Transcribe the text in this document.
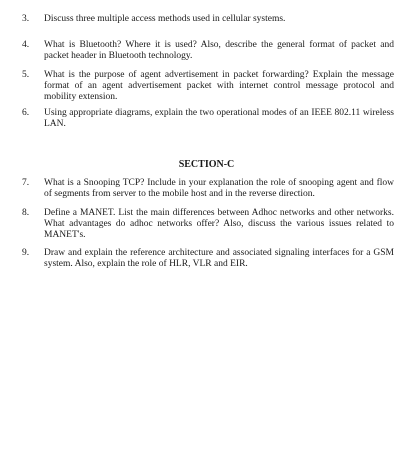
3. Discuss three multiple access methods used in cellular systems.
4. What is Bluetooth? Where it is used? Also, describe the general format of packet and packet header in Bluetooth technology.
5. What is the purpose of agent advertisement in packet forwarding? Explain the message format of an agent advertisement packet with internet control message protocol and mobility extension.
6. Using appropriate diagrams, explain the two operational modes of an IEEE 802.11 wireless LAN.
SECTION-C
7. What is a Snooping TCP? Include in your explanation the role of snooping agent and flow of segments from server to the mobile host and in the reverse direction.
8. Define a MANET. List the main differences between Adhoc networks and other networks. What advantages do adhoc networks offer? Also, discuss the various issues related to MANET's.
9. Draw and explain the reference architecture and associated signaling interfaces for a GSM system. Also, explain the role of HLR, VLR and EIR.
